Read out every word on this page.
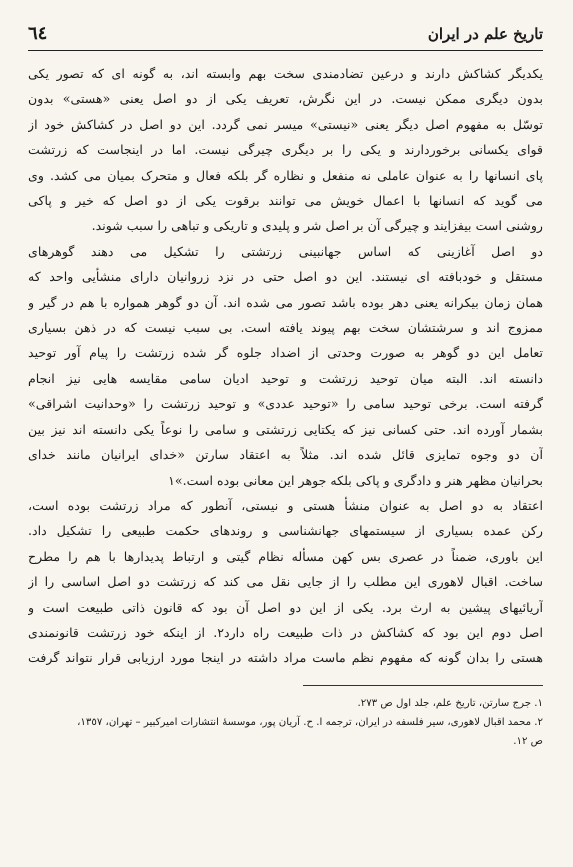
تاریخ علم در ایران
٦٤
یکدیگر کشاکش دارند و درعین تضادمندی سخت بهم وابسته اند، به گونه ای که تصور یکی
بدون دیگری ممکن نیست. در این نگرش، تعریف یکی از دو اصل یعنی «هستی» بدون
توسّل به مفهوم اصل دیگر یعنی «نیستی» میسر نمی گردد. این دو اصل در کشاکش خود از
قوای یکسانی برخوردارند و یکی را بر دیگری چیرگی نیست. اما در اینجاست که زرتشت
پای انسانها را به عنوان عاملی نه منفعل و نظاره گر بلکه فعال و متحرک بمیان می کشد. وی
می گوید که انسانها با اعمال خویش می توانند برقوت یکی از دو اصل که خیر و پاکی
روشنی است بیفزایند و چیرگی آن بر اصل شر و پلیدی و تاریکی و تباهی را سبب شوند.
دو اصل آغازینی که اساس جهانبینی زرتشتی را تشکیل می دهند گوهرهای
مستقل و خودبافته ای نیستند. این دو اصل حتی در نزد زروانیان دارای منشأیی واحد که
همان زمان بیکرانه یعنی دهر بوده باشد تصور می شده اند. آن دو گوهر همواره با هم در گیر و
ممزوج اند و سرشتشان سخت بهم پیوند یافته است. بی سبب نیست که در ذهن بسیاری
تعامل این دو گوهر به صورت وحدتی از اضداد جلوه گر شده زرتشت را پیام آور توحید
دانسته اند. البته میان توحید زرتشت و توحید ادیان سامی مقایسه هایی نیز انجام
گرفته است. برخی توحید سامی را «توحید عددی» و توحید زرتشت را «وحدانیت اشراقی»
بشمار آورده اند. حتی کسانی نیز که یکتایی زرتشتی و سامی را نوعاً یکی دانسته اند نیز بین
آن دو وجوه تمایزی قائل شده اند. مثلاً به اعتقاد سارتن «خدای ایرانیان مانند خدای
بحرانیان مظهر هنر و دادگری و پاکی بلکه جوهر این معانی بوده است.»١
اعتقاد به دو اصل به عنوان منشأ هستی و نیستی، آنطور که مراد زرتشت بوده است،
رکن عمده بسیاری از سیستمهای جهانشناسی و روندهای حکمت طبیعی را تشکیل داد.
این باوری، ضمناً در عصری بس کهن مسأله نظام گیتی و ارتباط پدیدارها با هم را مطرح
ساخت. اقبال لاهوری این مطلب را از جایی نقل می کند که زرتشت دو اصل اساسی را از
آریائیهای پیشین به ارث برد. یکی از این دو اصل آن بود که قانون ذاتی طبیعت است و
اصل دوم این بود که کشاکش در ذات طبیعت راه دارد٢. از اینکه خود زرتشت قانونمندی
هستی را بدان گونه که مفهوم نظم ماست مراد داشته در اینجا مورد ارزیابی قرار نتواند گرفت
١. جرج سارتن، تاریخ علم، جلد اول ص ٢٧٣.
٢. محمد اقبال لاهوری، سیر فلسفه در ایران، ترجمه ا. ح. آریان پور، موسسهٔ انتشارات امیرکبیر – تهران، ١٣٥٧،
ص ١٢.
